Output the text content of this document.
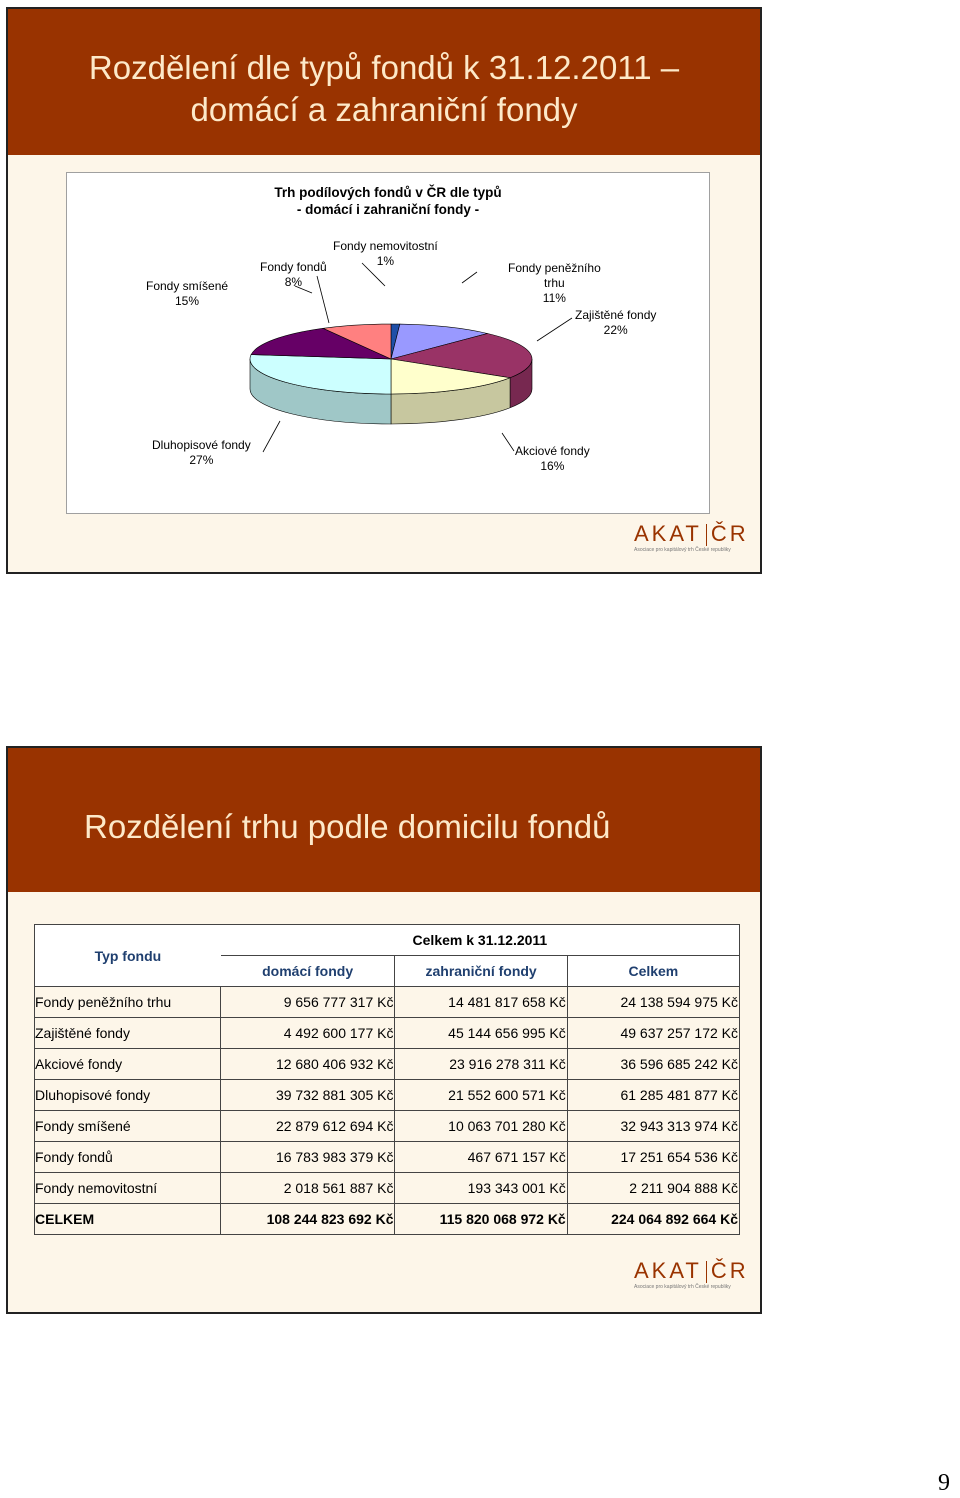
Rozdělení dle typů fondů k 31.12.2011 –
domácí a zahraniční fondy
Trh podílových fondů v ČR dle typů
- domácí i zahraniční fondy -
Fondy nemovitostní
1%	Fondy peněžního
trhu
11%
Zajištěné fondy
22%
Akciové fondy
16%
Dluhopisové fondy
27%
Fondy smíšené
15%
Fondy fondů
8%
AKAT ČR
Asociace pro kapitálový trh České republiky
Rozdělení trhu podle domicilu fondů
Typ fondu	Celkem k 31.12.2011		
	domácí fondy	zahraniční fondy	Celkem
Fondy peněžního trhu	9 656 777 317 Kč	14 481 817 658 Kč	24 138 594 975 Kč
Zajištěné fondy	4 492 600 177 Kč	45 144 656 995 Kč	49 637 257 172 Kč
Akciové fondy	12 680 406 932 Kč	23 916 278 311 Kč	36 596 685 242 Kč
Dluhopisové fondy	39 732 881 305 Kč	21 552 600 571 Kč	61 285 481 877 Kč
Fondy smíšené	22 879 612 694 Kč	10 063 701 280 Kč	32 943 313 974 Kč
Fondy fondů	16 783 983 379 Kč	467 671 157 Kč	17 251 654 536 Kč
Fondy nemovitostní	2 018 561 887 Kč	193 343 001 Kč	2 211 904 888 Kč
CELKEM	108 244 823 692 Kč	115 820 068 972 Kč	224 064 892 664 Kč
AKAT ČR
Asociace pro kapitálový trh České republiky
9
